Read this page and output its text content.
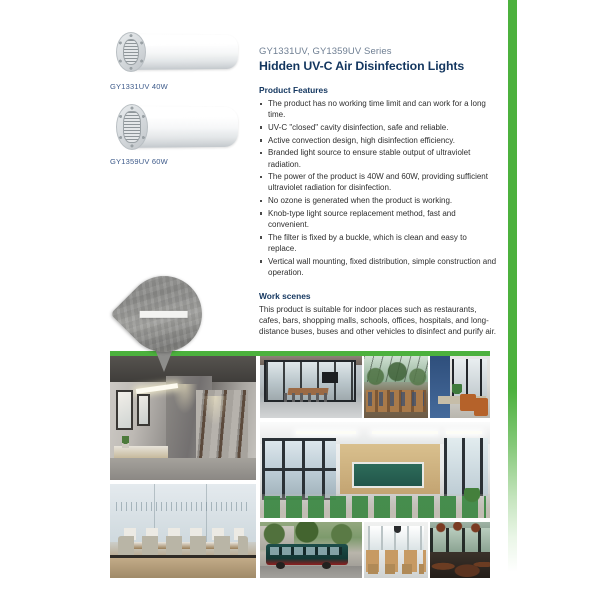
GY1331UV 40W
GY1359UV 60W
GY1331UV, GY1359UV Series
Hidden UV-C Air Disinfection Lights
Product Features
The product has no working time limit and can work for a long time.
UV-C "closed" cavity disinfection, safe and reliable.
Active convection design, high disinfection efficiency.
Branded light source to ensure stable output of ultraviolet radiation.
The power of the product is 40W and 60W, providing sufficient ultraviolet radiation for disinfection.
No ozone is generated when the product is working.
Knob-type light source replacement method, fast and convenient.
The filter is fixed by a buckle, which is clean and easy to replace.
Vertical wall mounting, fixed distribution, simple construction and operation.
Work scenes
This product is suitable for indoor places such as restaurants, cafes, bars, shopping malls, schools, offices, hospitals, and long-distance buses, buses and other vehicles to disinfect and purify air.
